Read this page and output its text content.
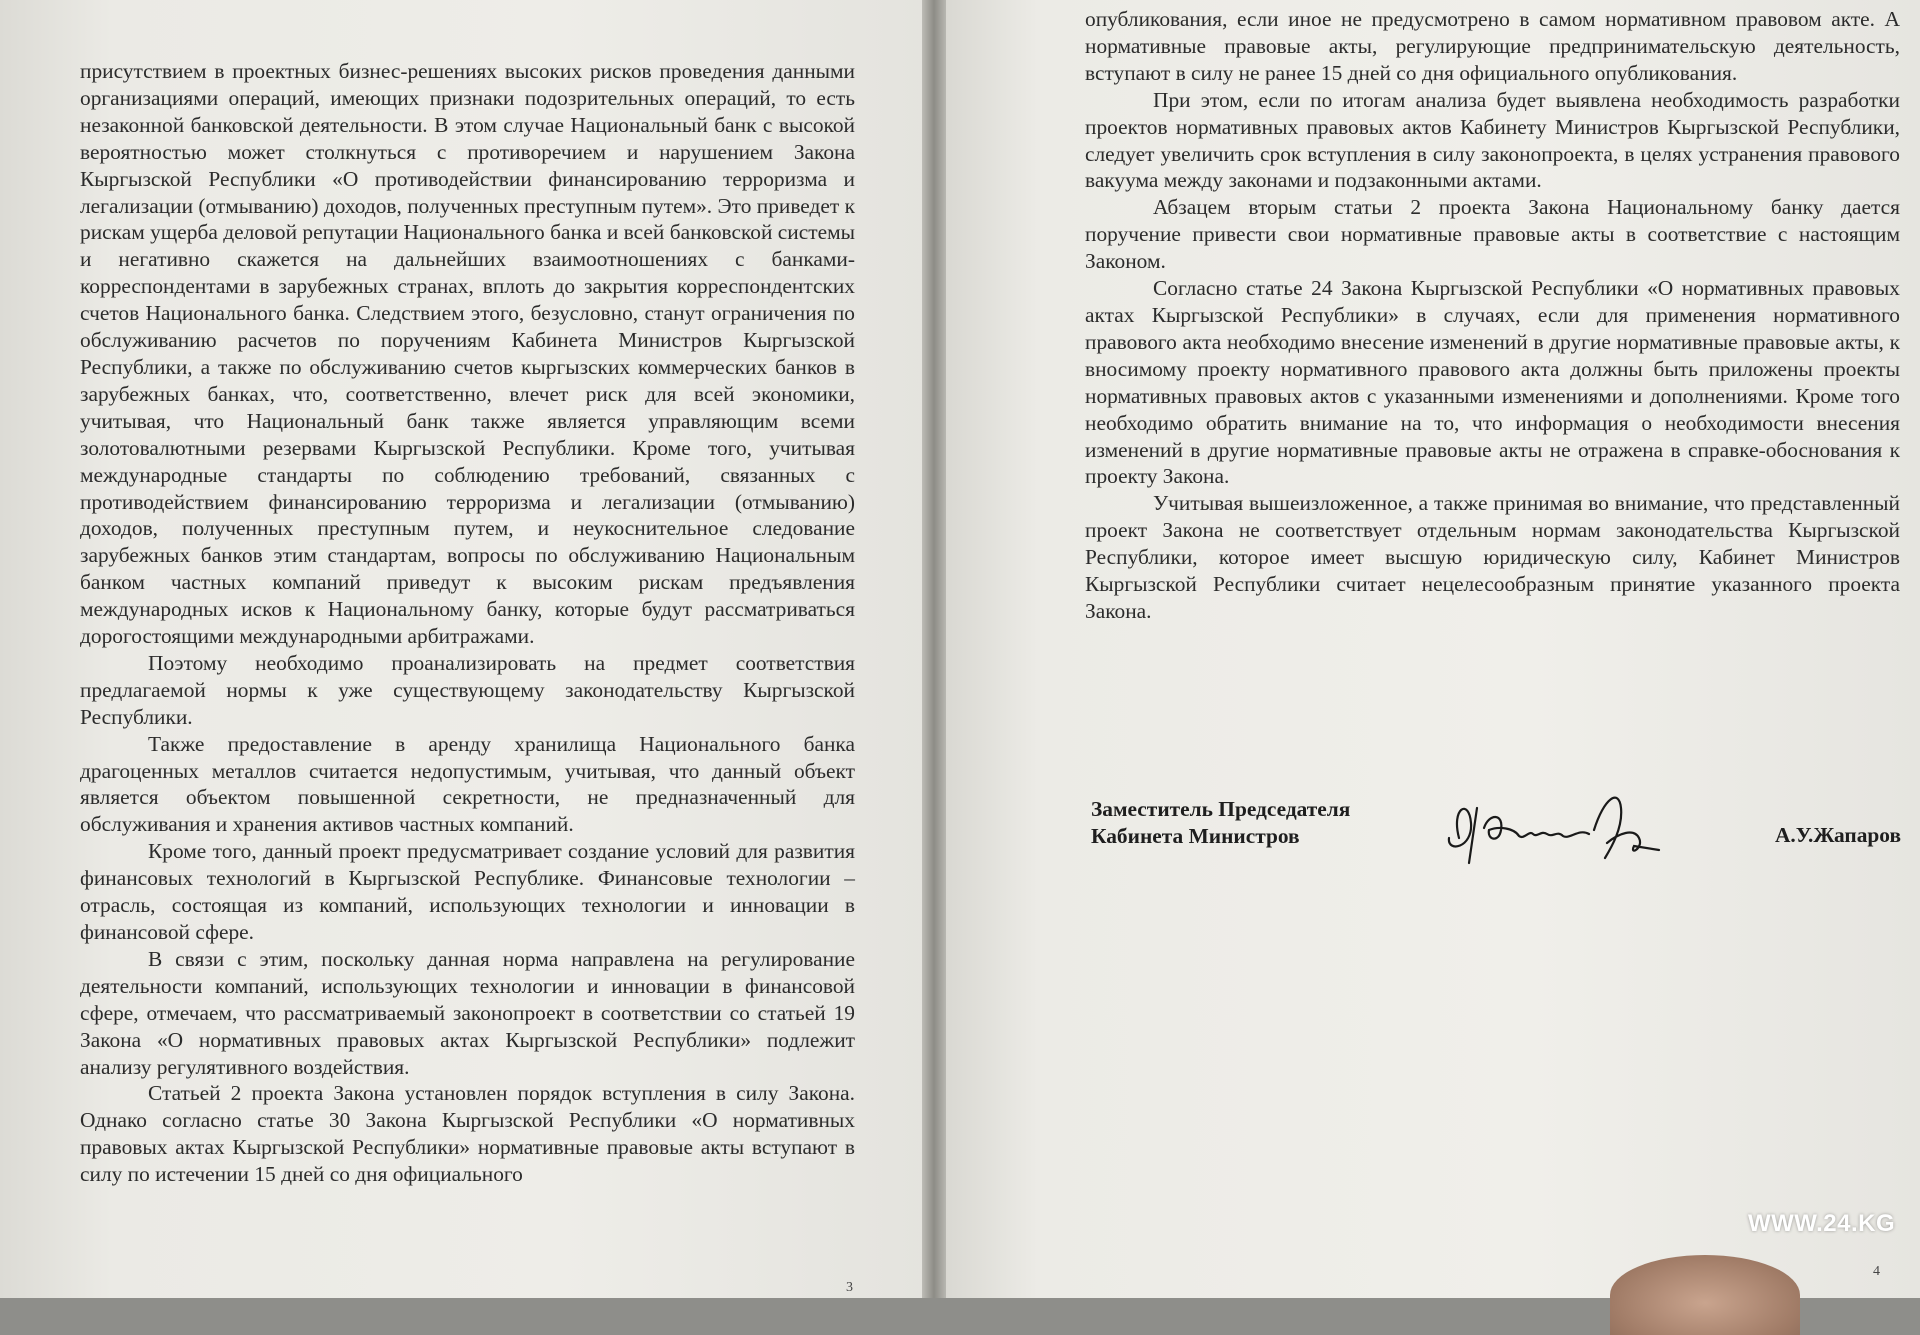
присутствием в проектных бизнес-решениях высоких рисков проведения данными организациями операций, имеющих признаки подозрительных операций, то есть незаконной банковской деятельности. В этом случае Национальный банк с высокой вероятностью может столкнуться с противоречием и нарушением Закона Кыргызской Республики «О противодействии финансированию терроризма и легализации (отмыванию) доходов, полученных преступным путем». Это приведет к рискам ущерба деловой репутации Национального банка и всей банковской системы и негативно скажется на дальнейших взаимоотношениях с банками-корреспондентами в зарубежных странах, вплоть до закрытия корреспондентских счетов Национального банка. Следствием этого, безусловно, станут ограничения по обслуживанию расчетов по поручениям Кабинета Министров Кыргызской Республики, а также по обслуживанию счетов кыргызских коммерческих банков в зарубежных банках, что, соответственно, влечет риск для всей экономики, учитывая, что Национальный банк также является управляющим всеми золотовалютными резервами Кыргызской Республики. Кроме того, учитывая международные стандарты по соблюдению требований, связанных с противодействием финансированию терроризма и легализации (отмыванию) доходов, полученных преступным путем, и неукоснительное следование зарубежных банков этим стандартам, вопросы по обслуживанию Национальным банком частных компаний приведут к высоким рискам предъявления международных исков к Национальному банку, которые будут рассматриваться дорогостоящими международными арбитражами.

Поэтому необходимо проанализировать на предмет соответствия предлагаемой нормы к уже существующему законодательству Кыргызской Республики.

Также предоставление в аренду хранилища Национального банка драгоценных металлов считается недопустимым, учитывая, что данный объект является объектом повышенной секретности, не предназначенный для обслуживания и хранения активов частных компаний.

Кроме того, данный проект предусматривает создание условий для развития финансовых технологий в Кыргызской Республике. Финансовые технологии – отрасль, состоящая из компаний, использующих технологии и инновации в финансовой сфере.

В связи с этим, поскольку данная норма направлена на регулирование деятельности компаний, использующих технологии и инновации в финансовой сфере, отмечаем, что рассматриваемый законопроект в соответствии со статьей 19 Закона «О нормативных правовых актах Кыргызской Республики» подлежит анализу регулятивного воздействия.

Статьей 2 проекта Закона установлен порядок вступления в силу Закона. Однако согласно статье 30 Закона Кыргызской Республики «О нормативных правовых актах Кыргызской Республики» нормативные правовые акты вступают в силу по истечении 15 дней со дня официального

опубликования, если иное не предусмотрено в самом нормативном правовом акте. А нормативные правовые акты, регулирующие предпринимательскую деятельность, вступают в силу не ранее 15 дней со дня официального опубликования.

При этом, если по итогам анализа будет выявлена необходимость разработки проектов нормативных правовых актов Кабинету Министров Кыргызской Республики, следует увеличить срок вступления в силу законопроекта, в целях устранения правового вакуума между законами и подзаконными актами.

Абзацем вторым статьи 2 проекта Закона Национальному банку дается поручение привести свои нормативные правовые акты в соответствие с настоящим Законом.

Согласно статье 24 Закона Кыргызской Республики «О нормативных правовых актах Кыргызской Республики» в случаях, если для применения нормативного правового акта необходимо внесение изменений в другие нормативные правовые акты, к вносимому проекту нормативного правового акта должны быть приложены проекты нормативных правовых актов с указанными изменениями и дополнениями. Кроме того необходимо обратить внимание на то, что информация о необходимости внесения изменений в другие нормативные правовые акты не отражена в справке-обоснования к проекту Закона.

Учитывая вышеизложенное, а также принимая во внимание, что представленный проект Закона не соответствует отдельным нормам законодательства Кыргызской Республики, которое имеет высшую юридическую силу, Кабинет Министров Кыргызской Республики считает нецелесообразным принятие указанного проекта Закона.

Заместитель Председателя
Кабинета Министров	А.У.Жапаров
3
4
WWW.24.KG
